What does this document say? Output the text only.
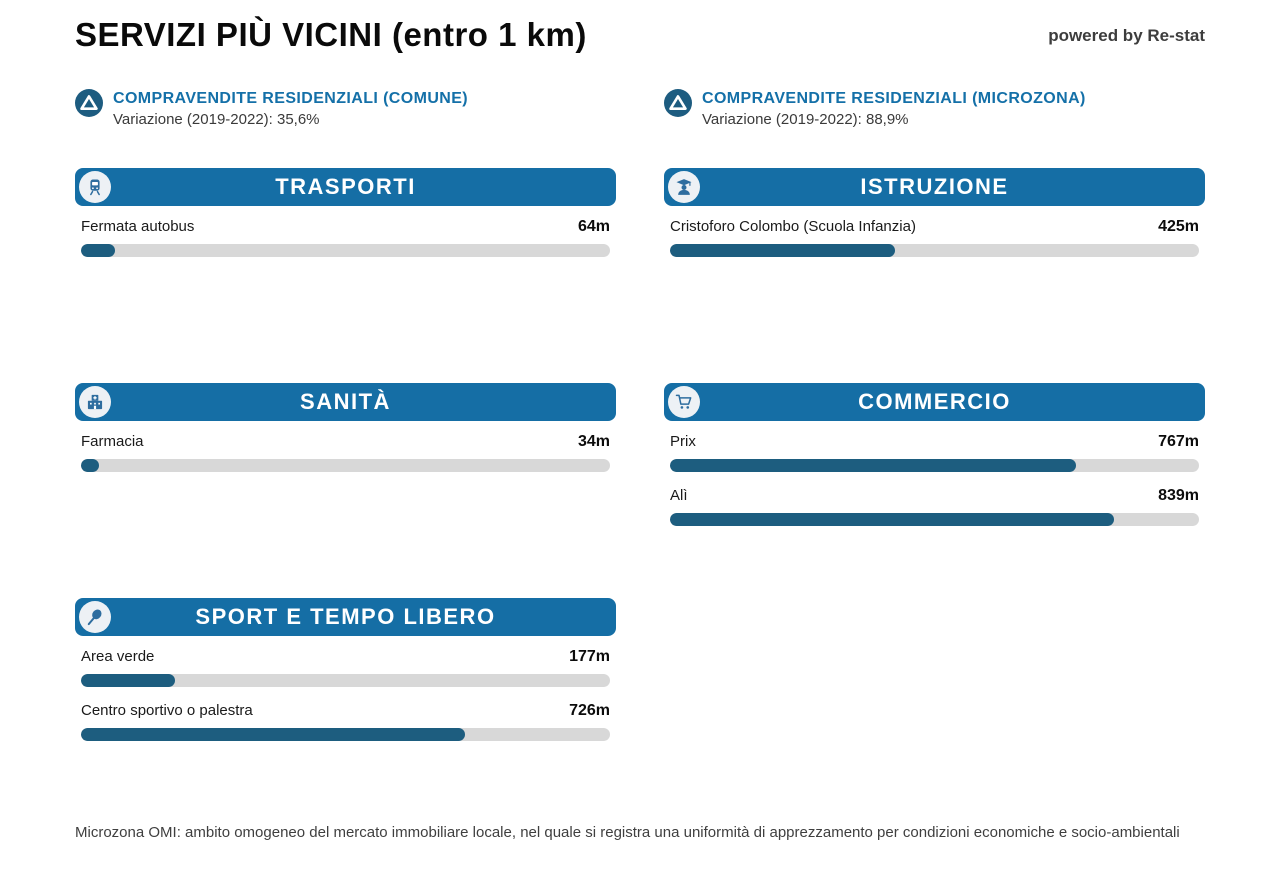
SERVIZI PIÙ VICINI (entro 1 km)	powered by Re-stat
COMPRAVENDITE RESIDENZIALI (COMUNE)
Variazione (2019-2022): 35,6%
COMPRAVENDITE RESIDENZIALI (MICROZONA)
Variazione (2019-2022): 88,9%
TRASPORTI
Fermata autobus	64m
ISTRUZIONE
Cristoforo Colombo (Scuola Infanzia)	425m
SANITÀ
Farmacia	34m
COMMERCIO
Prix	767m
Alì	839m
SPORT E TEMPO LIBERO
Area verde	177m
Centro sportivo o palestra	726m
Microzona OMI: ambito omogeneo del mercato immobiliare locale, nel quale si registra una uniformità di apprezzamento per condizioni economiche e socio-ambientali
